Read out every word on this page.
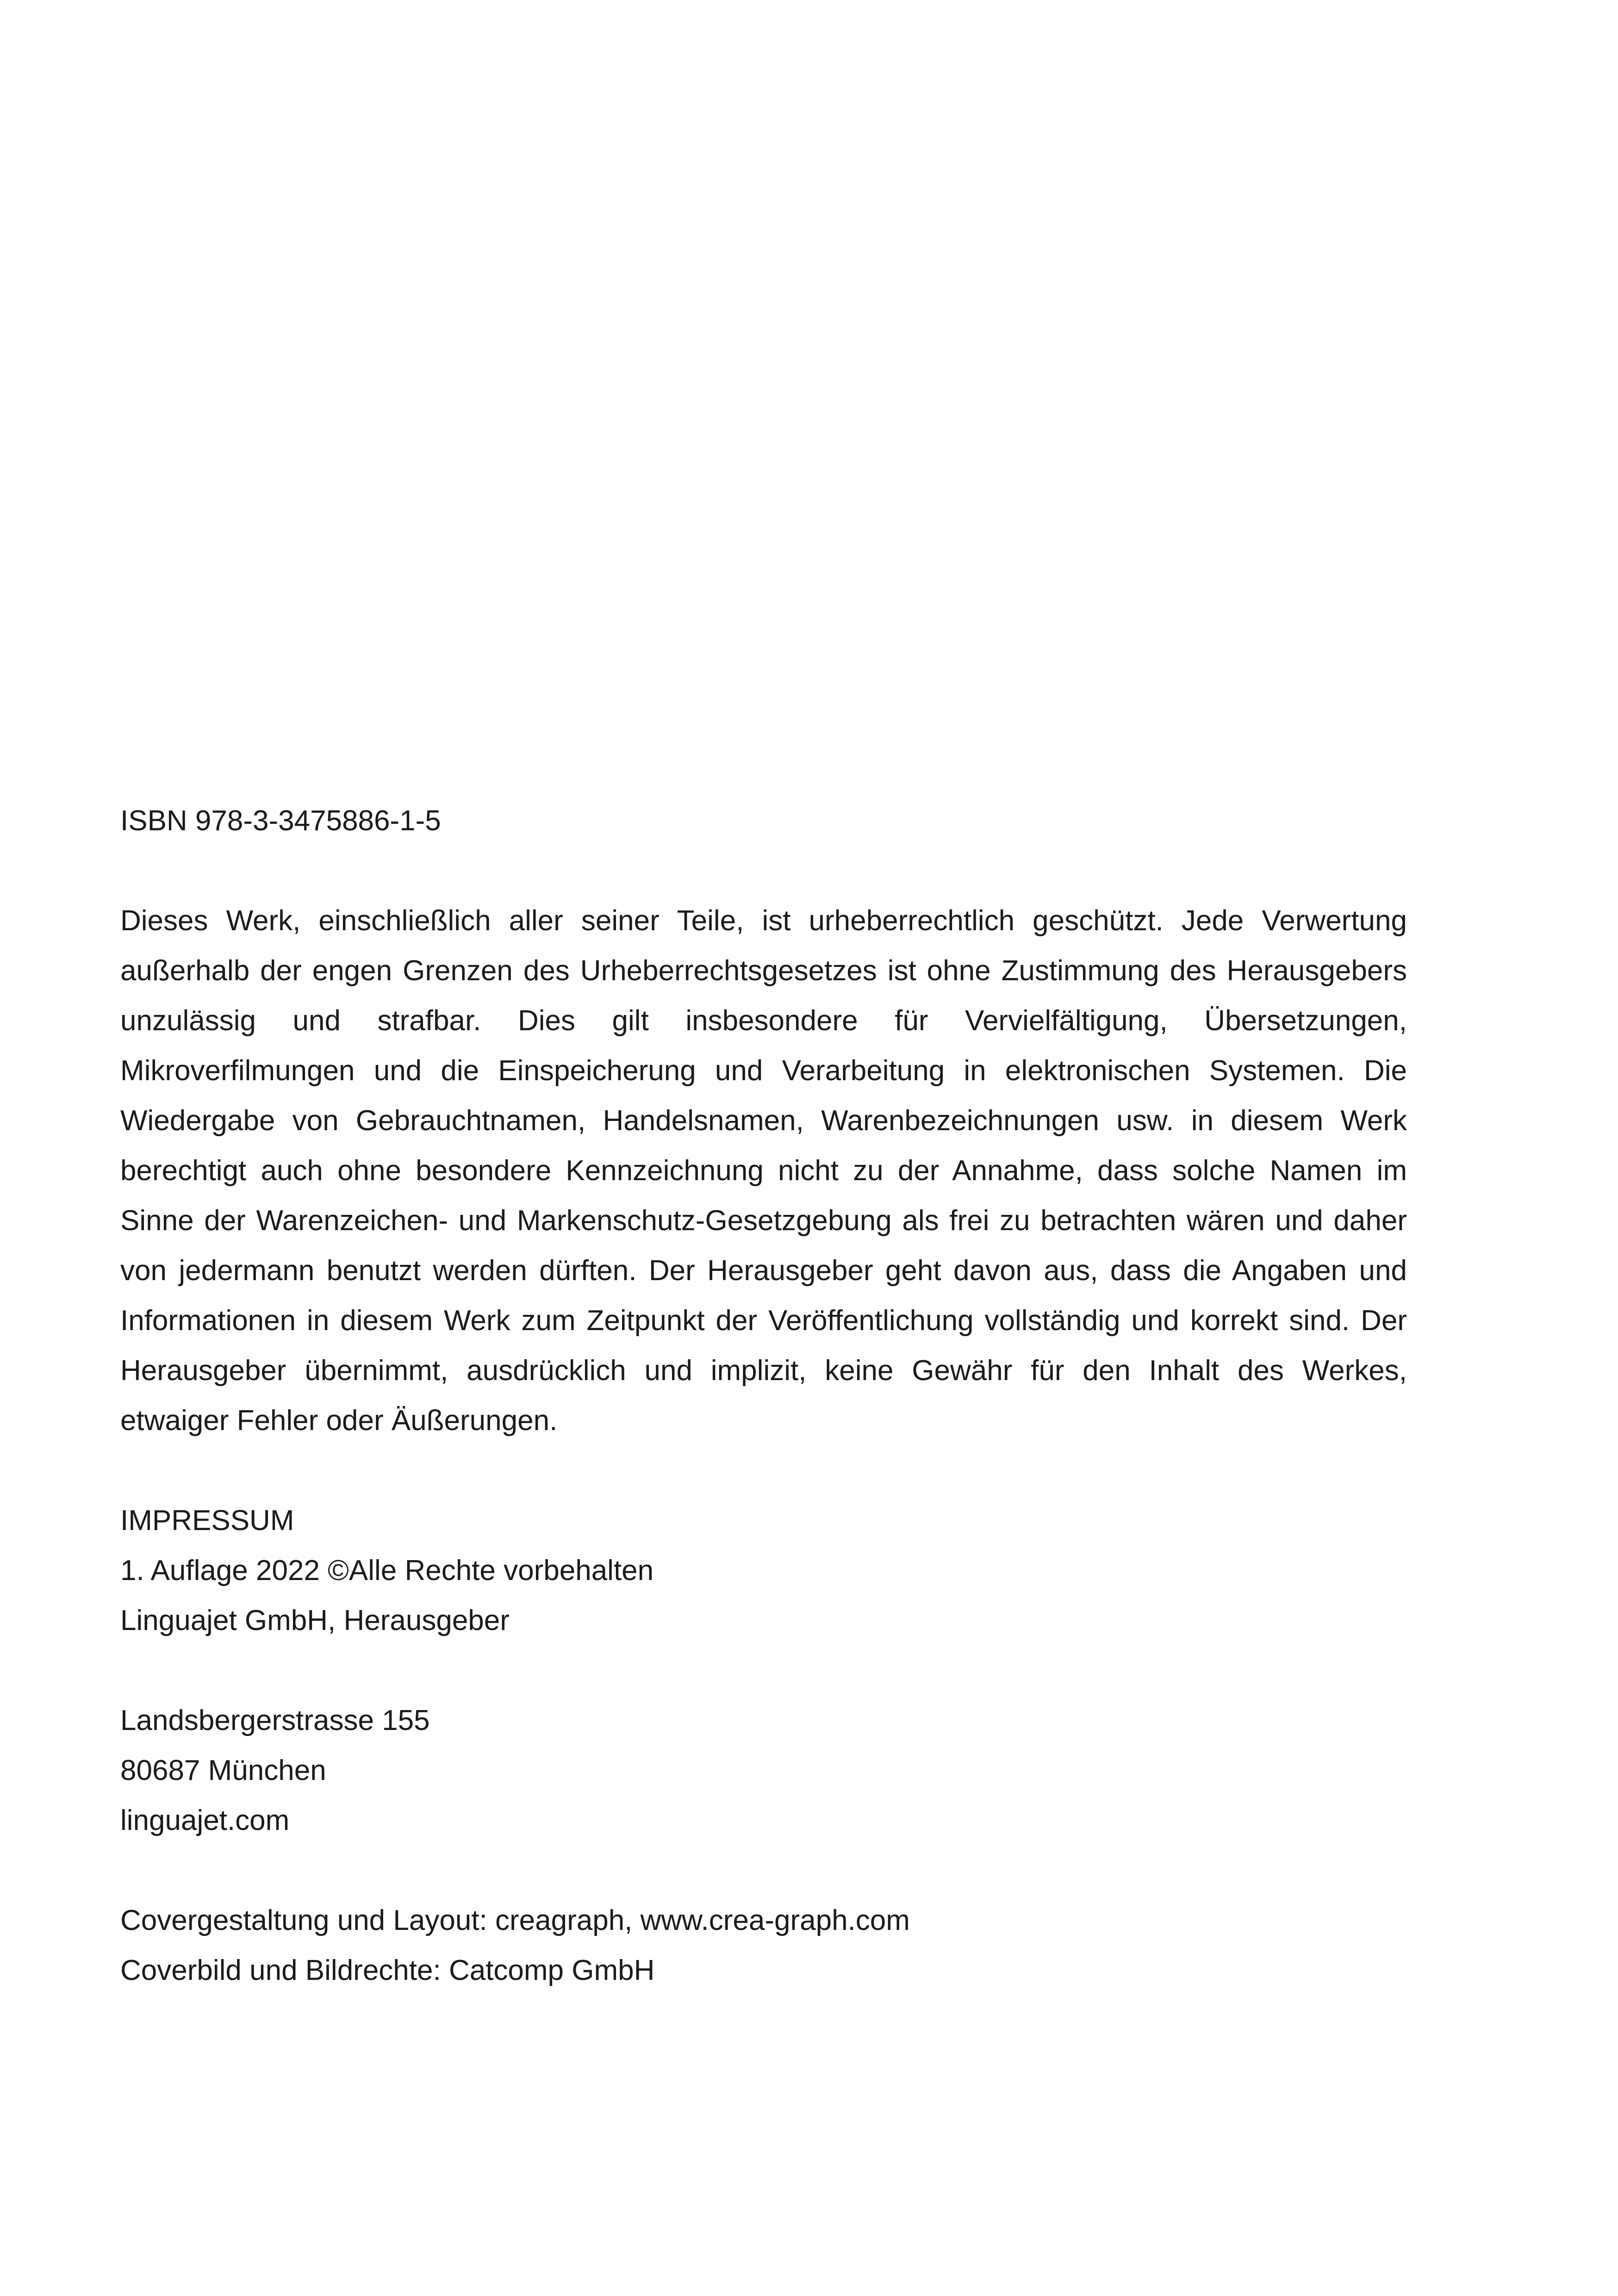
ISBN 978-3-3475886-1-5

Dieses Werk, einschließlich aller seiner Teile, ist urheberrechtlich geschützt. Jede Verwertung außerhalb der engen Grenzen des Urheberrechtsgesetzes ist ohne Zustimmung des Herausgebers unzulässig und strafbar. Dies gilt insbesondere für Vervielfältigung, Übersetzungen, Mikroverfilmungen und die Einspeicherung und Verarbeitung in elektronischen Systemen. Die Wiedergabe von Gebrauchtnamen, Handelsnamen, Warenbezeichnungen usw. in diesem Werk berechtigt auch ohne besondere Kennzeichnung nicht zu der Annahme, dass solche Namen im Sinne der Warenzeichen- und Markenschutz-Gesetzgebung als frei zu betrachten wären und daher von jedermann benutzt werden dürften. Der Herausgeber geht davon aus, dass die Angaben und Informationen in diesem Werk zum Zeitpunkt der Veröffentlichung vollständig und korrekt sind. Der Herausgeber übernimmt, ausdrücklich und implizit, keine Gewähr für den Inhalt des Werkes, etwaiger Fehler oder Äußerungen.

IMPRESSUM

1. Auflage 2022 ©Alle Rechte vorbehalten

Linguajet GmbH, Herausgeber

Landsbergerstrasse 155

80687 München

linguajet.com

Covergestaltung und Layout: creagraph, www.crea-graph.com

Coverbild und Bildrechte: Catcomp GmbH
